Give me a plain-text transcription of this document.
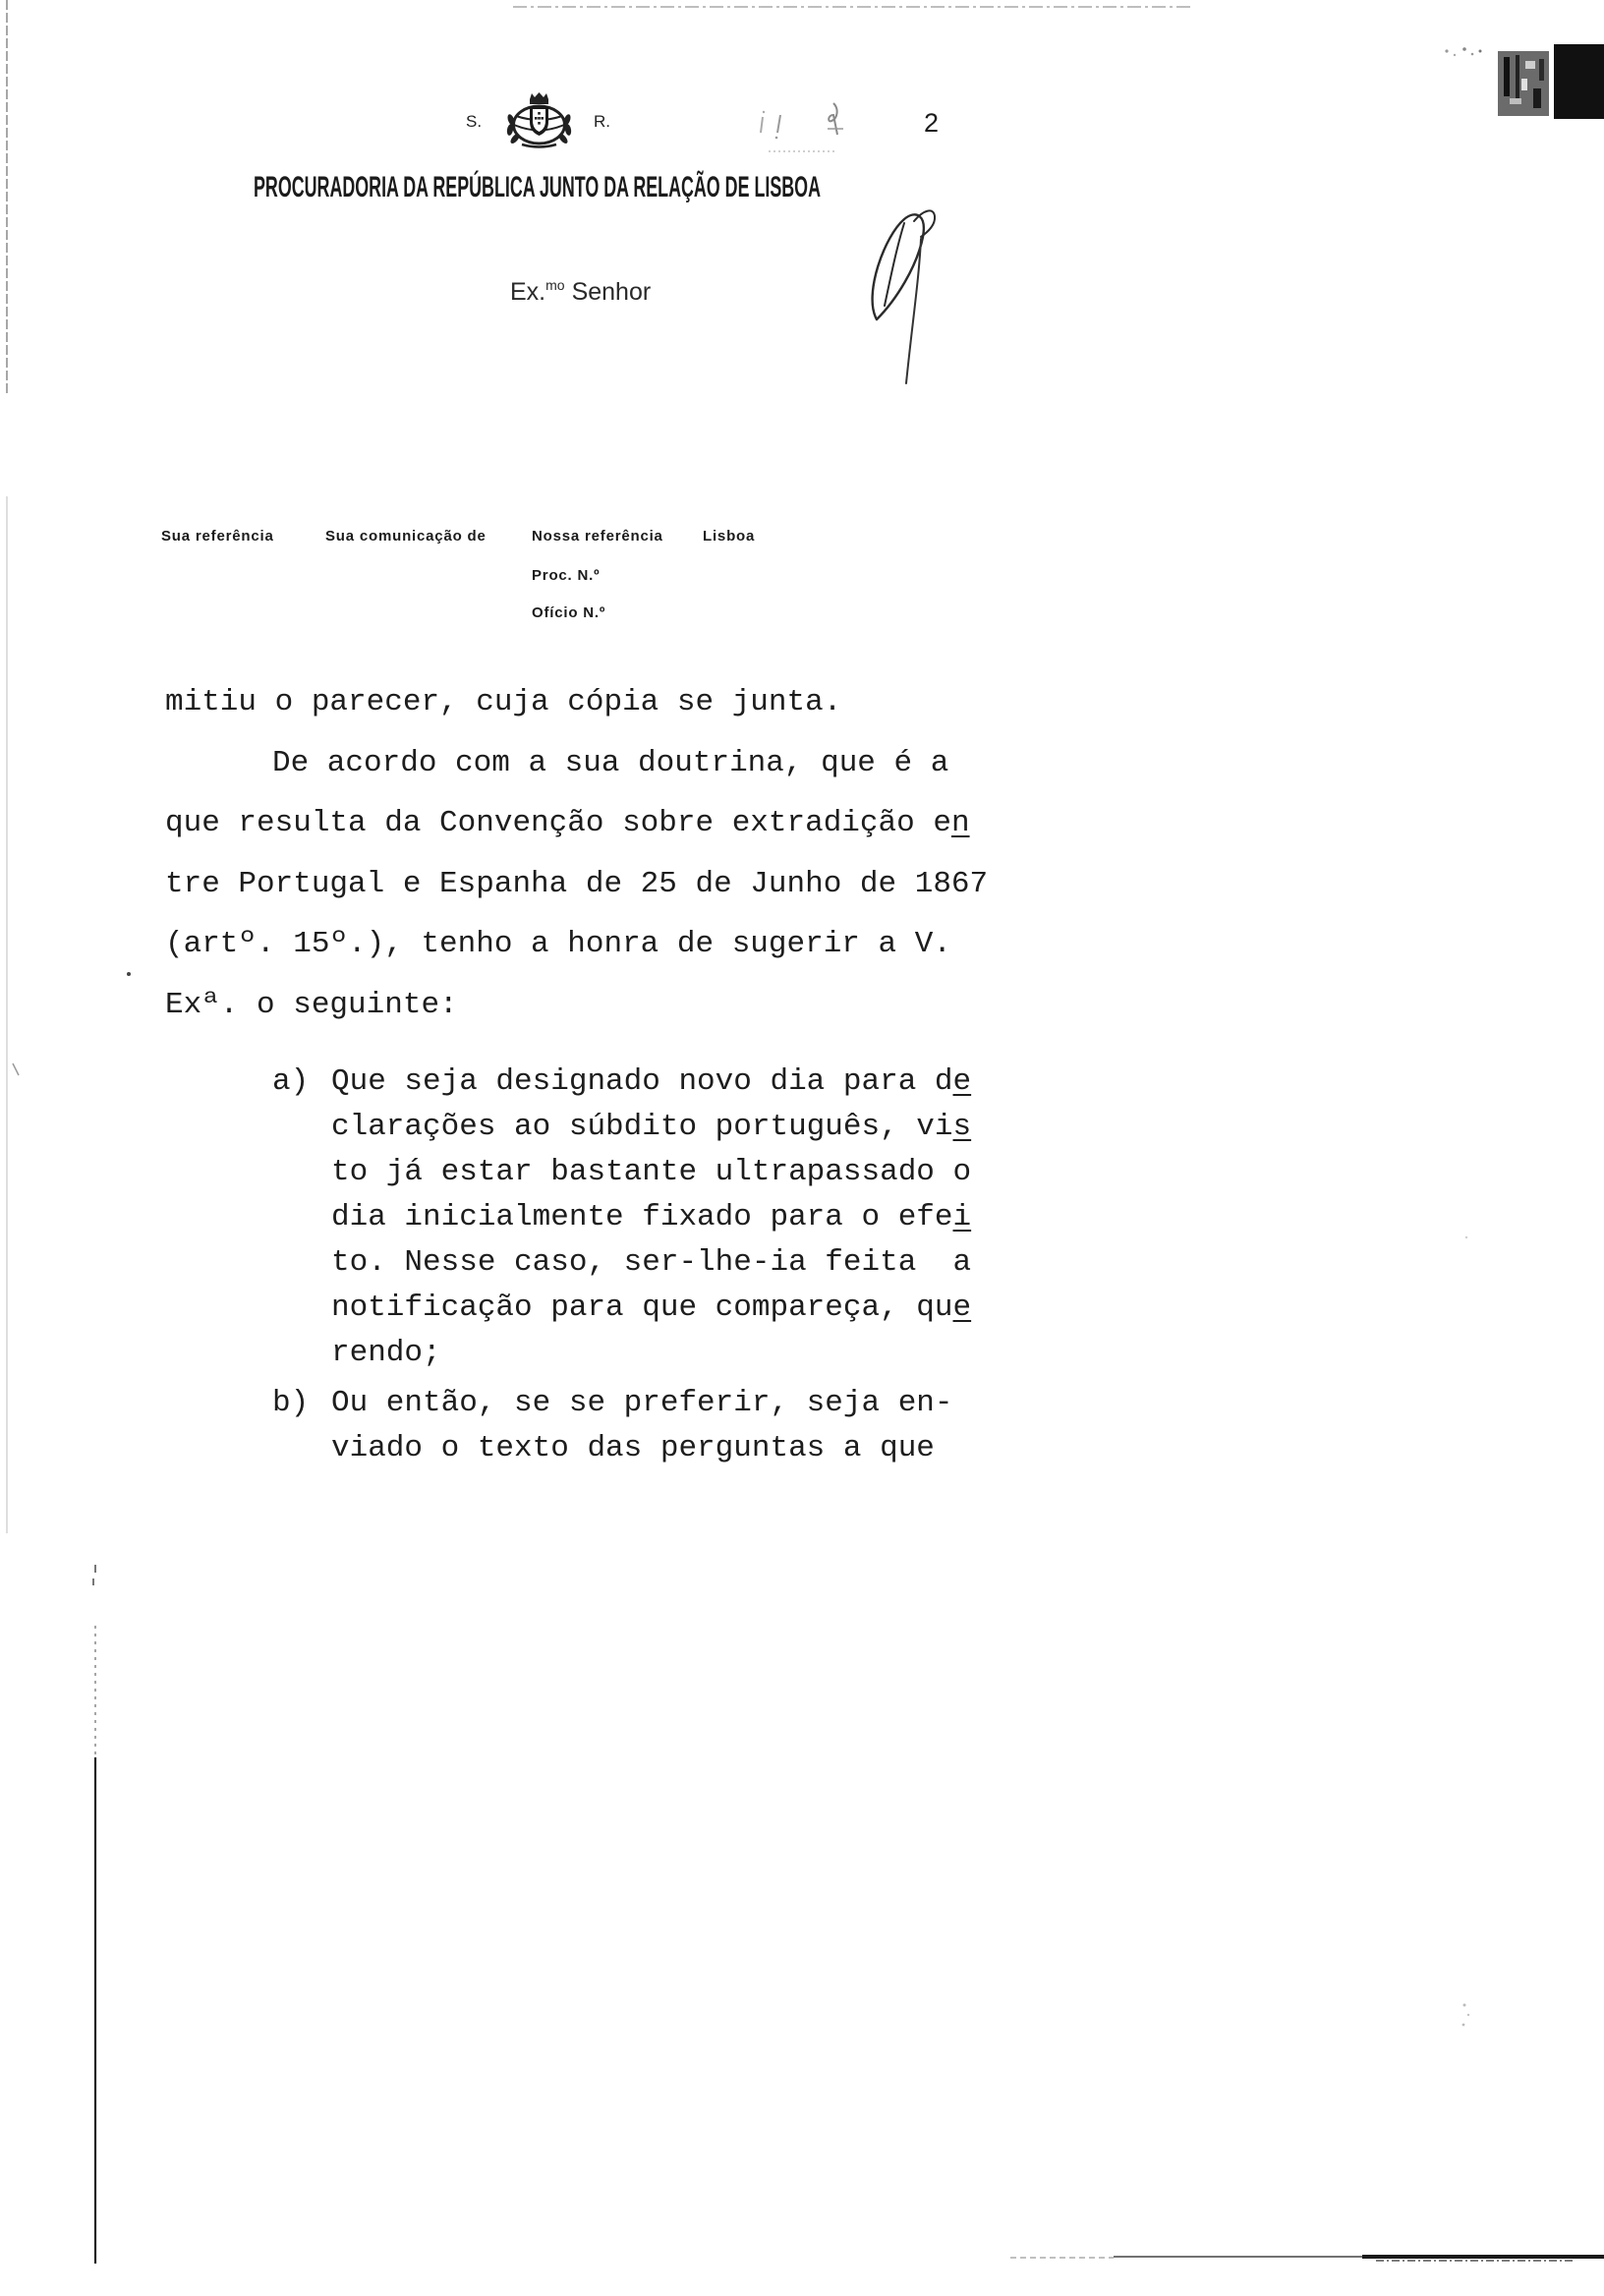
S.	R.	2
PROCURADORIA DA REPÚBLICA JUNTO DA RELAÇÃO DE LISBOA
Ex.$^{mo}$ Senhor
Sua referência	Sua comunicação de	Nossa referência	Lisboa
Proc. N.º
Ofício N.º
mitiu o parecer, cuja cópia se junta.
De acordo com a sua doutrina, que é a
que resulta da Convenção sobre extradição en
tre Portugal e Espanha de 25 de Junho de 1867
(artº. 15º.), tenho a honra de sugerir a V.
Exª. o seguinte:
a) Que seja designado novo dia para de
clarações ao súbdito português, vis
to já estar bastante ultrapassado o
dia inicialmente fixado para o efei
to. Nesse caso, ser-lhe-ia feita  a
notificação para que compareça, que
rendo;
b) Ou então, se se preferir, seja en-
viado o texto das perguntas a que
